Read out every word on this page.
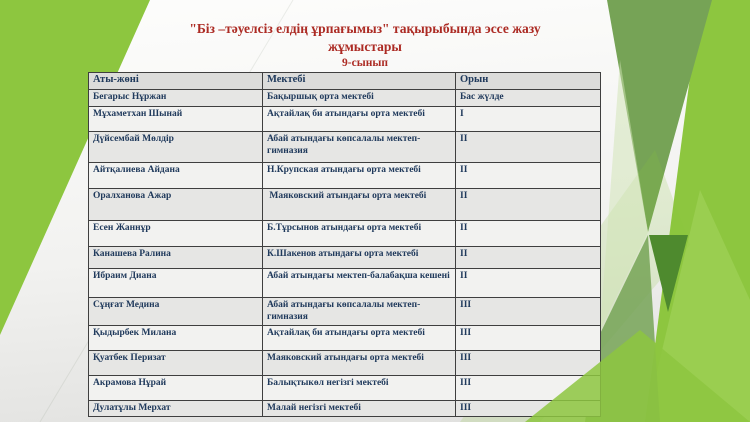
"Біз –тәуелсіз елдің ұрпағымыз" тақырыбында эссе жазу
жұмыстары
9-сынып
Аты-жөні	Мектебі	Орын
Бегарыс Нұржан	Бақыршық орта мектебі	Бас жүлде
Мұхаметхан Шынай	Ақтайлақ би атындағы орта мектебі	I
Дүйсембай Мөлдір	Абай атындағы көпсалалы мектеп-гимназия	II
Айтқалиева Айдана	Н.Крупская атындағы орта мектебі	II
Оралханова Ажар	Маяковский атындағы орта мектебі	II
Есен Жаннұр	Б.Тұрсынов атындағы орта мектебі	II
Канашева Ралина	К.Шакенов атындағы орта мектебі	II
Ибраим Диана	Абай атындағы мектеп-балабақша кешені	II
Сұңғат Медина	Абай атындағы көпсалалы мектеп-гимназия	III
Қыдырбек Милана	Ақтайлақ би атындағы орта мектебі	III
Қуатбек Перизат	Маяковский атындағы орта мектебі	III
Акрамова Нұрай	Балықтыкөл негізгі мектебі	III
Дулатұлы Мерхат	Малай негізгі мектебі	III
